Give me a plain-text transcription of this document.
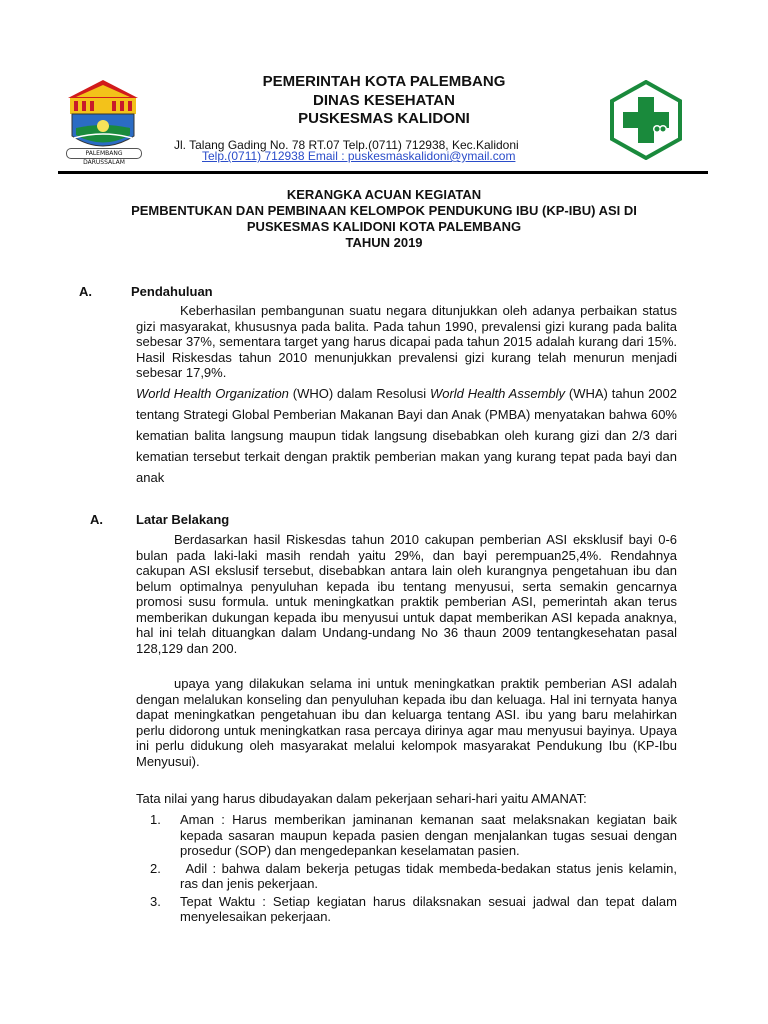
PALEMBANG DARUSSALAM
PEMERINTAH KOTA PALEMBANG
DINAS KESEHATAN
PUSKESMAS KALIDONI
Jl. Talang Gading No. 78 RT.07 Telp.(0711) 712938, Kec.Kalidoni
Telp.(0711) 712938 Email : puskesmaskalidoni@ymail.com
KERANGKA ACUAN KEGIATAN
PEMBENTUKAN DAN PEMBINAAN KELOMPOK PENDUKUNG IBU (KP-IBU) ASI DI
PUSKESMAS KALIDONI KOTA PALEMBANG
TAHUN 2019
A.	Pendahuluan
Keberhasilan pembangunan suatu negara ditunjukkan oleh adanya perbaikan status gizi masyarakat, khususnya pada balita. Pada tahun 1990, prevalensi gizi kurang pada balita sebesar 37%, sementara target yang harus dicapai pada tahun 2015 adalah kurang dari 15%. Hasil Riskesdas tahun 2010 menunjukkan prevalensi gizi kurang telah menurun menjadi sebesar 17,9%.
World Health Organization (WHO) dalam Resolusi World Health Assembly (WHA) tahun 2002 tentang Strategi Global Pemberian Makanan Bayi dan Anak (PMBA) menyatakan bahwa 60% kematian balita langsung maupun tidak langsung disebabkan oleh kurang gizi dan 2/3 dari kematian tersebut terkait dengan praktik pemberian makan yang kurang tepat pada bayi dan anak
A.	Latar Belakang
Berdasarkan hasil Riskesdas tahun 2010 cakupan pemberian ASI eksklusif bayi 0-6 bulan pada laki-laki masih rendah yaitu 29%, dan bayi perempuan25,4%. Rendahnya cakupan ASI ekslusif tersebut, disebabkan antara lain oleh kurangnya pengetahuan ibu dan belum optimalnya penyuluhan kepada ibu tentang menyusui, serta semakin gencarnya promosi susu formula. untuk meningkatkan praktik pemberian ASI, pemerintah akan terus memberikan dukungan kepada ibu menyusui untuk dapat memberikan ASI kepada anaknya, hal ini telah dituangkan dalam Undang-undang No 36 thaun 2009 tentangkesehatan pasal 128,129 dan 200.
upaya yang dilakukan selama ini untuk meningkatkan praktik pemberian ASI adalah dengan melalukan konseling dan penyuluhan kepada ibu dan keluaga. Hal ini ternyata hanya dapat meningkatkan pengetahuan ibu dan keluarga tentang ASI. ibu yang baru melahirkan perlu didorong untuk meningkatkan rasa percaya dirinya agar mau menyusui bayinya. Upaya ini perlu didukung oleh masyarakat melalui kelompok masyarakat Pendukung Ibu (KP-Ibu Menyusui).
Tata nilai yang harus dibudayakan dalam pekerjaan sehari-hari yaitu AMANAT:
1.	Aman : Harus memberikan jaminanan kemanan saat melaksnakan kegiatan baik kepada sasaran maupun kepada pasien dengan menjalankan tugas sesuai dengan prosedur (SOP) dan mengedepankan keselamatan pasien.
2.	Adil : bahwa dalam bekerja petugas tidak membeda-bedakan status jenis kelamin, ras dan jenis pekerjaan.
3.	Tepat Waktu : Setiap kegiatan harus dilaksnakan sesuai jadwal dan tepat dalam menyelesaikan pekerjaan.
